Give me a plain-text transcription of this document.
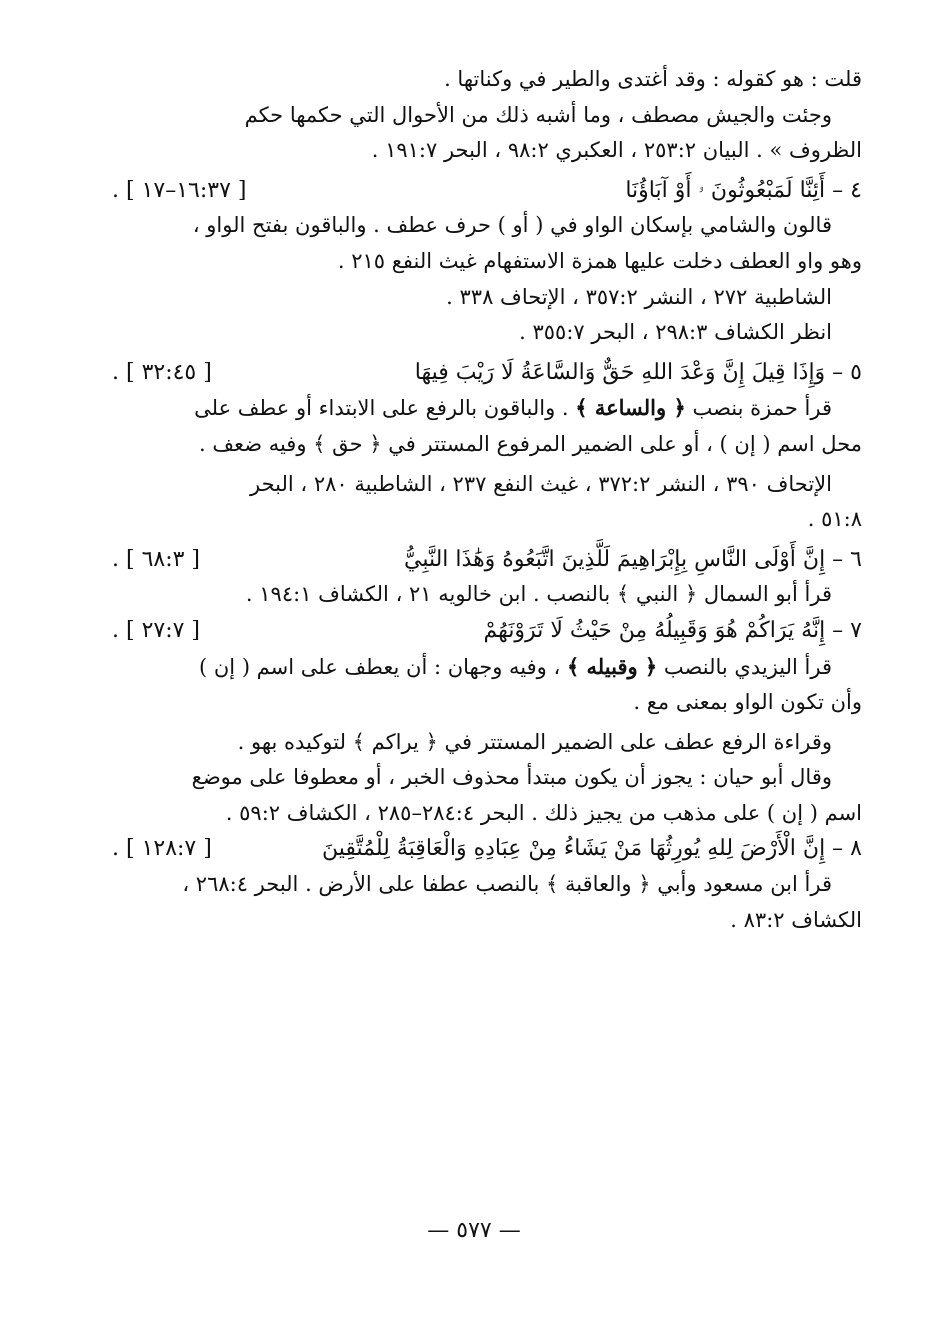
قلت : هو كقوله : وقد أغتدى والطير في وكناتها .
وجئت والجيش مصطف ، وما أشبه ذلك من الأحوال التي حكمها حكم
الظروف » . البيان ٢٥٣:٢ ، العكبري ٩٨:٢ ، البحر ١٩١:٧ .
٤ – أَئِنَّا لَمَبْعُوثُونَ ‍ۥ أَوْ آبَاؤُنَا
[ ١٦:٣٧–١٧ ] .
قالون والشامي بإسكان الواو في ( أو ) حرف عطف . والباقون بفتح الواو ،
وهو واو العطف دخلت عليها همزة الاستفهام غيث النفع ٢١٥ .
الشاطبية ٢٧٢ ، النشر ٣٥٧:٢ ، الإتحاف ٣٣٨ .
انظر الكشاف ٢٩٨:٣ ، البحر ٣٥٥:٧ .
٥ – وَإِذَا قِيلَ إِنَّ وَعْدَ اللهِ حَقٌّ وَالسَّاعَةُ لَا رَيْبَ فِيهَا
[ ٣٢:٤٥ ] .
قرأ حمزة بنصب ﴿ والساعة ﴾ . والباقون بالرفع على الابتداء أو عطف على
محل اسم ( إن ) ، أو على الضمير المرفوع المستتر في ﴿ حق ﴾ وفيه ضعف .
الإتحاف ٣٩٠ ، النشر ٣٧٢:٢ ، غيث النفع ٢٣٧ ، الشاطبية ٢٨٠ ، البحر
٥١:٨ .
٦ – إِنَّ أَوْلَى النَّاسِ بِإِبْرَاهِيمَ لَلَّذِينَ اتَّبَعُوهُ وَهَٰذَا النَّبِيُّ
[ ٦٨:٣ ] .
قرأ أبو السمال ﴿ النبي ﴾ بالنصب . ابن خالويه ٢١ ، الكشاف ١٩٤:١ .
٧ – إِنَّهُ يَرَاكُمْ هُوَ وَقَبِيلُهُ مِنْ حَيْثُ لَا تَرَوْنَهُمْ
[ ٢٧:٧ ] .
قرأ اليزيدي بالنصب ﴿ وقبيله ﴾ ، وفيه وجهان : أن يعطف على اسم ( إن )
وأن تكون الواو بمعنى مع .
وقراءة الرفع عطف على الضمير المستتر في ﴿ يراكم ﴾ لتوكيده بهو .
وقال أبو حيان : يجوز أن يكون مبتدأ محذوف الخبر ، أو معطوفا على موضع
اسم ( إن ) على مذهب من يجيز ذلك . البحر ٢٨٤:٤–٢٨٥ ، الكشاف ٥٩:٢ .
٨ – إِنَّ الْأَرْضَ لِلهِ يُورِثُهَا مَنْ يَشَاءُ مِنْ عِبَادِهِ وَالْعَاقِبَةُ لِلْمُتَّقِينَ
[ ١٢٨:٧ ] .
قرأ ابن مسعود وأبي ﴿ والعاقبة ﴾ بالنصب عطفا على الأرض . البحر ٢٦٨:٤ ،
الكشاف ٨٣:٢ .
— ٥٧٧ —
